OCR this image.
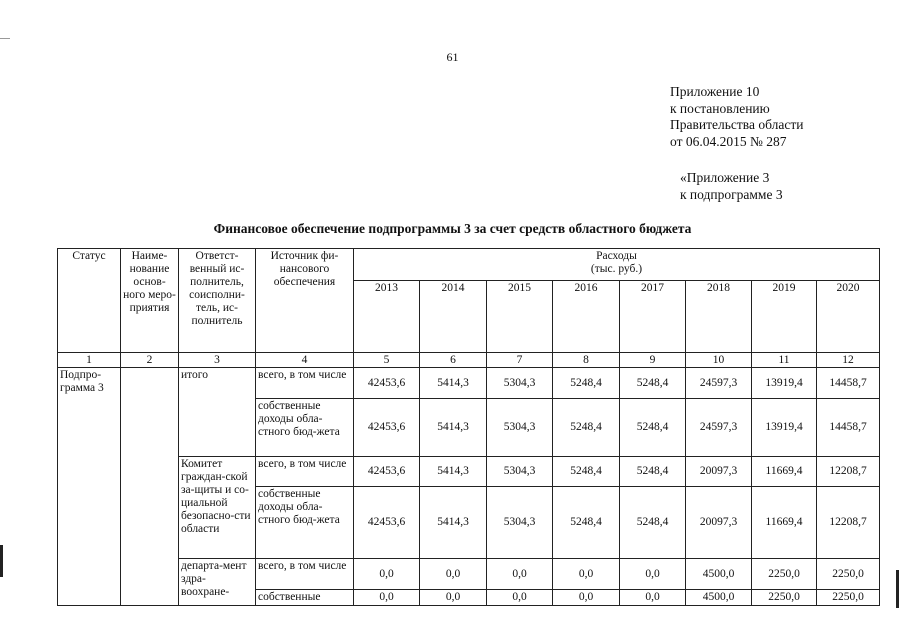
61
Приложение 10
к постановлению
Правительства области
от 06.04.2015 № 287
«Приложение 3
к подпрограмме 3
Финансовое обеспечение подпрограммы 3 за счет средств областного бюджета
Статус	Наиме-нование основ-ного меро-приятия	Ответст-венный ис-полнитель, соисполни-тель, ис-полнитель	Источник фи-нансового обеспечения	Расходы
(тыс. руб.)							

				2013	2014	2015	2016	2017	2018	2019	2020
1	2	3	4	5	6	7	8	9	10	11	12
Подпро-грамма 3		итого	всего, в том числе	42453,6	5414,3	5304,3	5248,4	5248,4	24597,3	13919,4	14458,7
			собственные доходы обла-стного бюд-жета	42453,6	5414,3	5304,3	5248,4	5248,4	24597,3	13919,4	14458,7
		Комитет граждан-ской за-щиты и со-циальной безопасно-сти области	всего, в том числе	42453,6	5414,3	5304,3	5248,4	5248,4	20097,3	11669,4	12208,7
			собственные доходы обла-стного бюд-жета	42453,6	5414,3	5304,3	5248,4	5248,4	20097,3	11669,4	12208,7
		департа-мент здра-воохране-	всего, в том числе	0,0	0,0	0,0	0,0	0,0	4500,0	2250,0	2250,0
			собственные	0,0	0,0	0,0	0,0	0,0	4500,0	2250,0	2250,0
